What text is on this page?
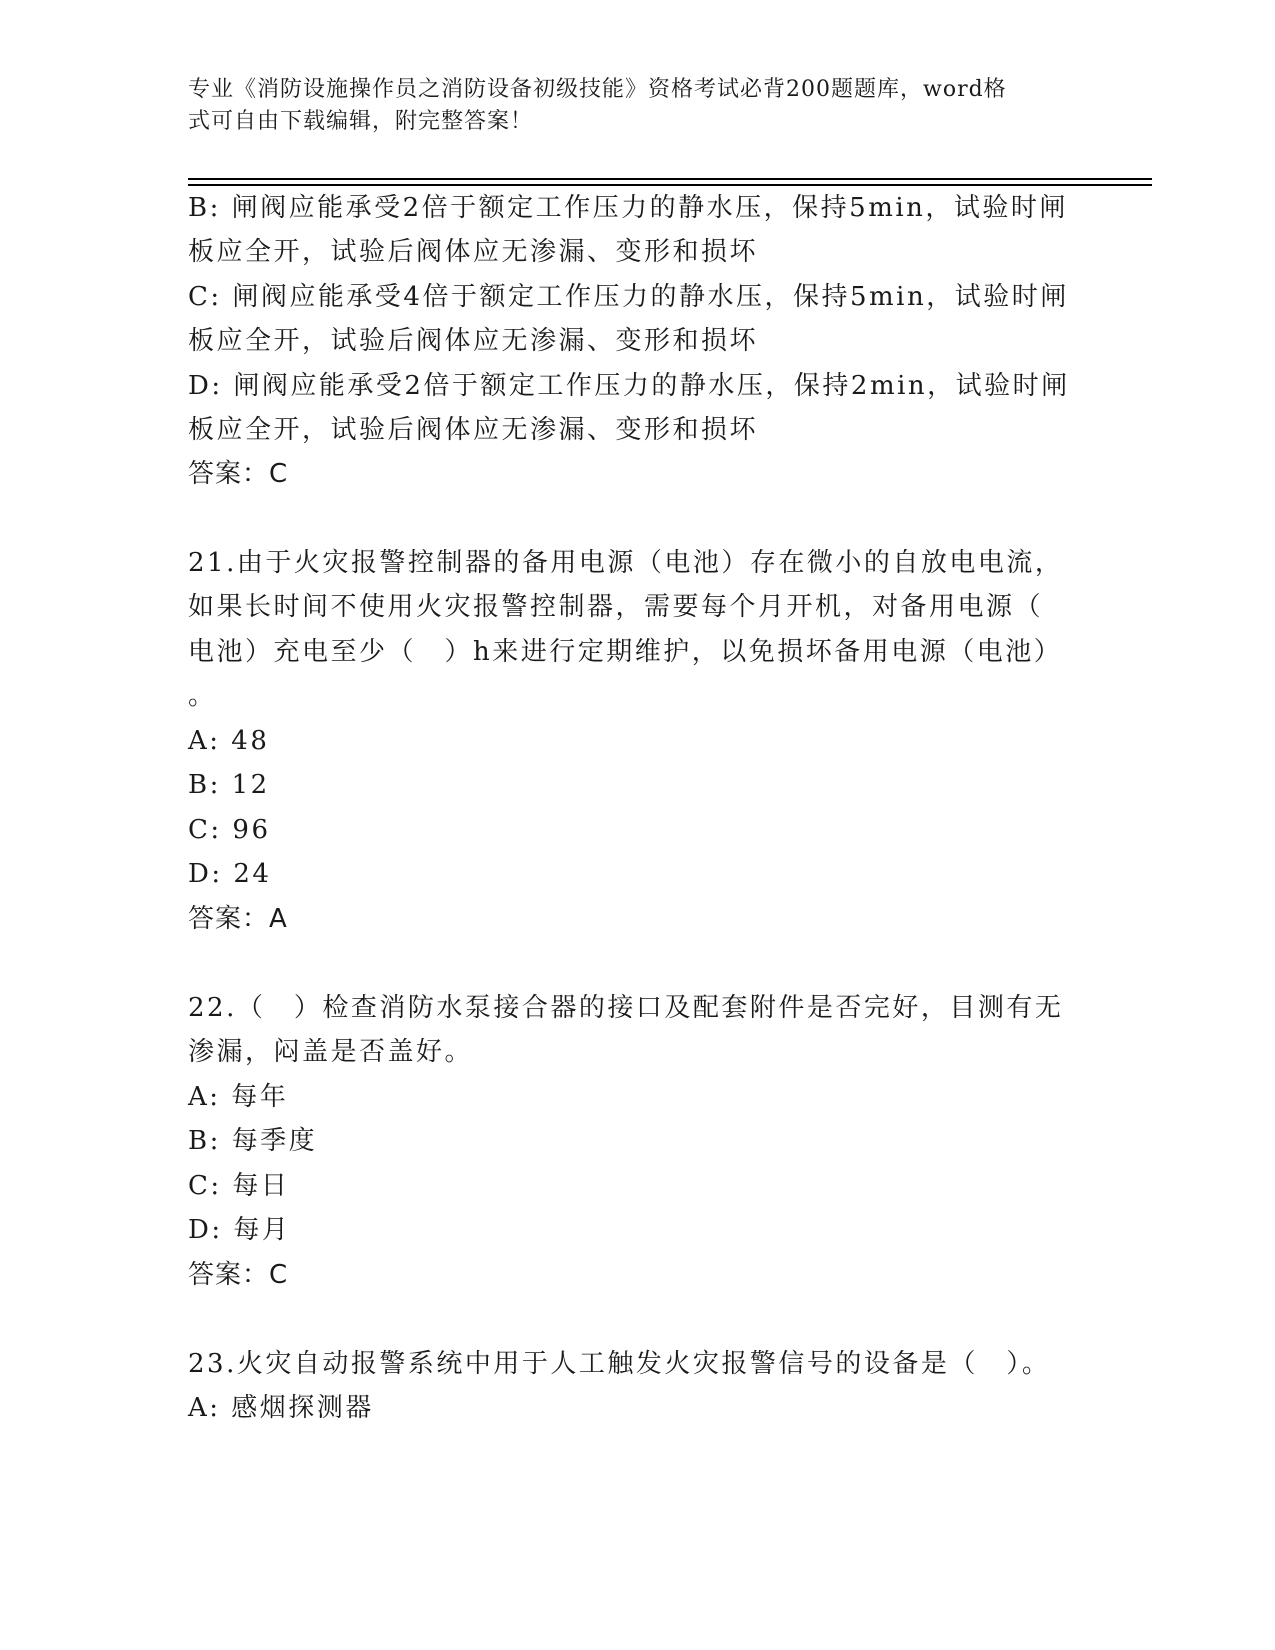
专业《消防设施操作员之消防设备初级技能》资格考试必背200题题库，word格
式可自由下载编辑，附完整答案！
B: 闸阀应能承受2倍于额定工作压力的静水压，保持5min，试验时闸
板应全开，试验后阀体应无渗漏、变形和损坏
C: 闸阀应能承受4倍于额定工作压力的静水压，保持5min，试验时闸
板应全开，试验后阀体应无渗漏、变形和损坏
D: 闸阀应能承受2倍于额定工作压力的静水压，保持2min，试验时闸
板应全开，试验后阀体应无渗漏、变形和损坏
答案：C
21.由于火灾报警控制器的备用电源（电池）存在微小的自放电电流，
如果长时间不使用火灾报警控制器，需要每个月开机，对备用电源（
电池）充电至少（　）h来进行定期维护，以免损坏备用电源（电池）
。
A: 48
B: 12
C: 96
D: 24
答案：A
22.（　）检查消防水泵接合器的接口及配套附件是否完好，目测有无
渗漏，闷盖是否盖好。
A: 每年
B: 每季度
C: 每日
D: 每月
答案：C
23.火灾自动报警系统中用于人工触发火灾报警信号的设备是（　）。
A: 感烟探测器
